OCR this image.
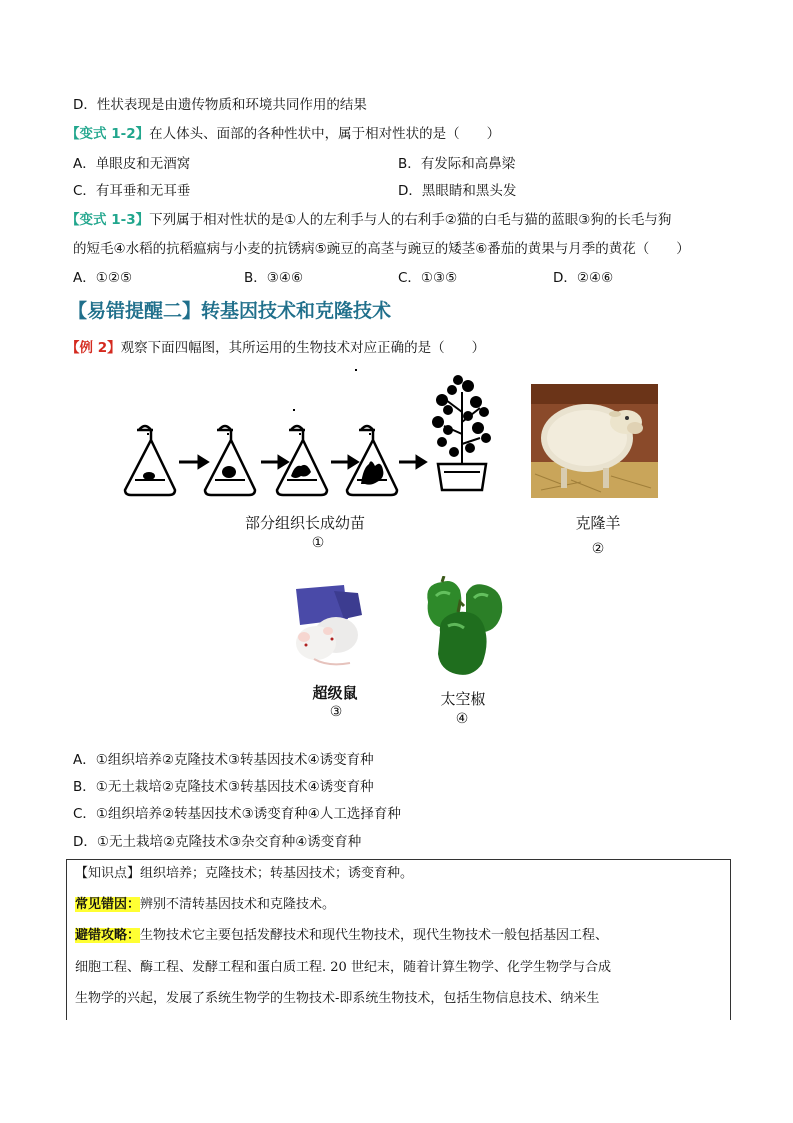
D．性状表现是由遗传物质和环境共同作用的结果
【变式 1-2】在人体头、面部的各种性状中，属于相对性状的是（　　）
A．单眼皮和无酒窝	B．有发际和高鼻梁
C．有耳垂和无耳垂	D．黑眼睛和黑头发
【变式 1-3】下列属于相对性状的是①人的左利手与人的右利手②猫的白毛与猫的蓝眼③狗的长毛与狗
的短毛④水稻的抗稻瘟病与小麦的抗锈病⑤豌豆的高茎与豌豆的矮茎⑥番茄的黄果与月季的黄花（　　）
A．①②⑤	B．③④⑥	C．①③⑤	D．②④⑥
【易错提醒二】转基因技术和克隆技术
【例 2】观察下面四幅图，其所运用的生物技术对应正确的是（　　）
部分组织长成幼苗
①
克隆羊
②
超级鼠
③
太空椒
④
A．①组织培养②克隆技术③转基因技术④诱变育种
B．①无土栽培②克隆技术③转基因技术④诱变育种
C．①组织培养②转基因技术③诱变育种④人工选择育种
D．①无土栽培②克隆技术③杂交育种④诱变育种
【知识点】组织培养；克隆技术；转基因技术；诱变育种。
常见错因：辨别不清转基因技术和克隆技术。
避错攻略：生物技术它主要包括发酵技术和现代生物技术，现代生物技术一般包括基因工程、
细胞工程、酶工程、发酵工程和蛋白质工程. 20 世纪末，随着计算生物学、化学生物学与合成
生物学的兴起，发展了系统生物学的生物技术-即系统生物技术，包括生物信息技术、纳米生
